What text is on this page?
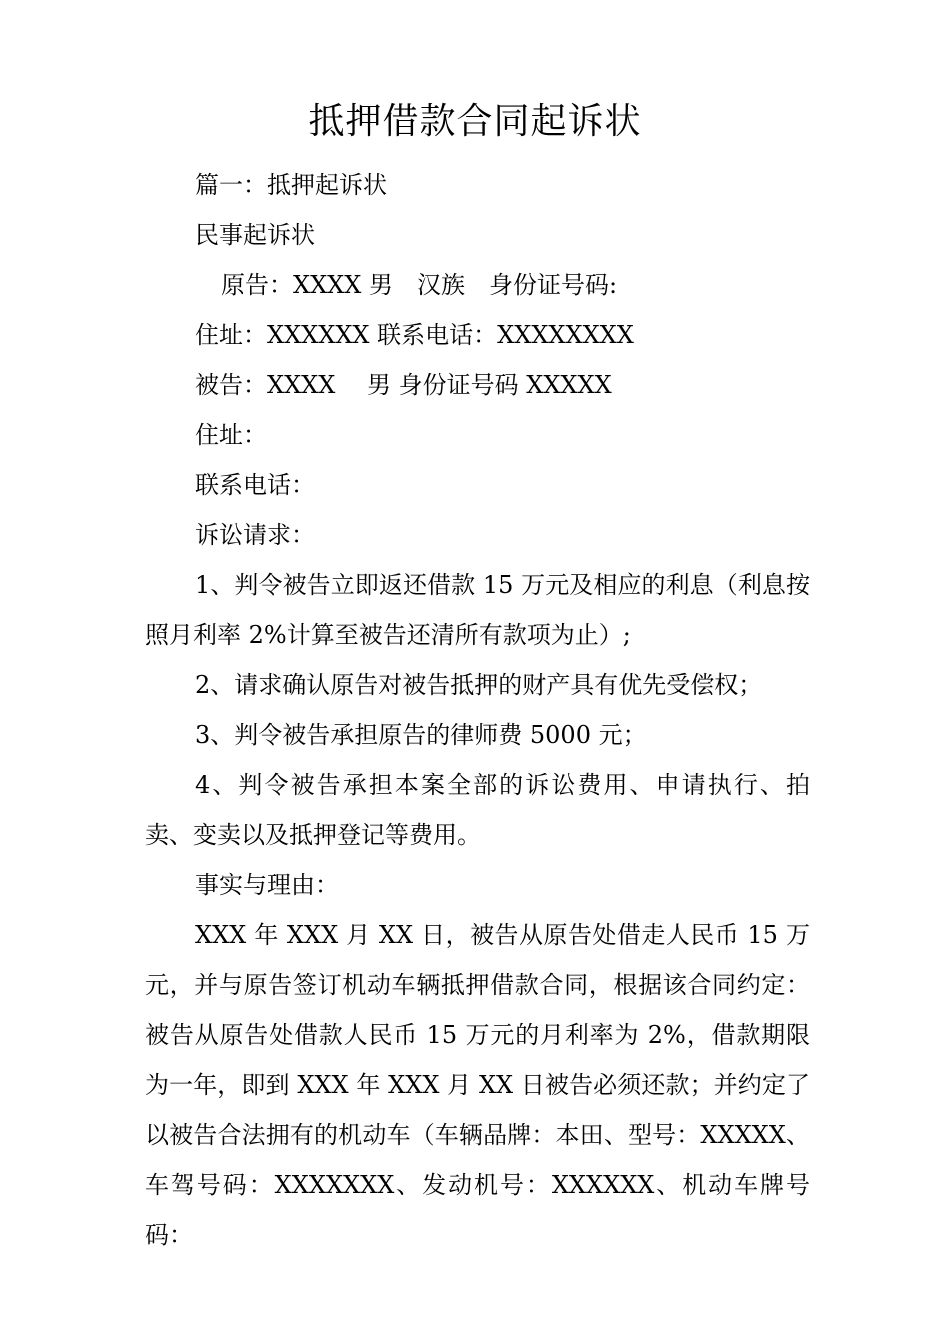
抵押借款合同起诉状

篇一：抵押起诉状

民事起诉状

原告：XXXX 男　汉族　身份证号码:

住址：XXXXXX 联系电话：XXXXXXXX

被告：XXXX　 男 身份证号码 XXXXX

住址：

联系电话：

诉讼请求：

1、判令被告立即返还借款 15 万元及相应的利息（利息按照月利率 2%计算至被告还清所有款项为止）;

2、请求确认原告对被告抵押的财产具有优先受偿权；

3、判令被告承担原告的律师费 5000 元；

4、判令被告承担本案全部的诉讼费用、申请执行、拍卖、变卖以及抵押登记等费用。

事实与理由：

XXX 年 XXX 月 XX 日，被告从原告处借走人民币 15 万元，并与原告签订机动车辆抵押借款合同，根据该合同约定：被告从原告处借款人民币 15 万元的月利率为 2%，借款期限为一年，即到 XXX 年 XXX 月 XX 日被告必须还款；并约定了以被告合法拥有的机动车（车辆品牌：本田、型号：XXXXX、车驾号码：XXXXXXX、发动机号：XXXXXX、机动车牌号码：
